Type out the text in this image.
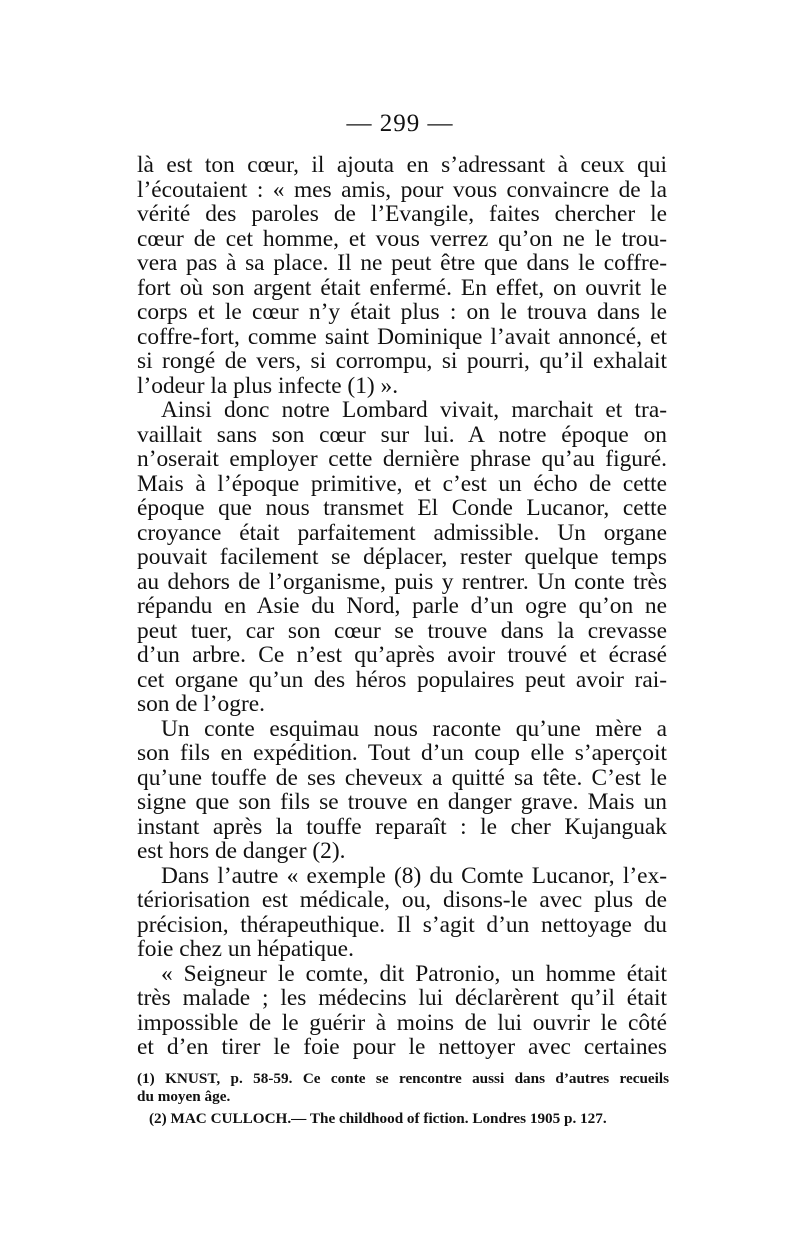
— 299 —
là est ton cœur, il ajouta en s’adressant à ceux qui
l’écoutaient : « mes amis, pour vous convaincre de la
vérité des paroles de l’Evangile, faites chercher le
cœur de cet homme, et vous verrez qu’on ne le trou-
vera pas à sa place. Il ne peut être que dans le coffre-
fort où son argent était enfermé. En effet, on ouvrit le
corps et le cœur n’y était plus : on le trouva dans le
coffre-fort, comme saint Dominique l’avait annoncé, et
si rongé de vers, si corrompu, si pourri, qu’il exhalait
l’odeur la plus infecte (1) ».
Ainsi donc notre Lombard vivait, marchait et tra-
vaillait sans son cœur sur lui. A notre époque on
n’oserait employer cette dernière phrase qu’au figuré.
Mais à l’époque primitive, et c’est un écho de cette
époque que nous transmet El Conde Lucanor, cette
croyance était parfaitement admissible. Un organe
pouvait facilement se déplacer, rester quelque temps
au dehors de l’organisme, puis y rentrer. Un conte très
répandu en Asie du Nord, parle d’un ogre qu’on ne
peut tuer, car son cœur se trouve dans la crevasse
d’un arbre. Ce n’est qu’après avoir trouvé et écrasé
cet organe qu’un des héros populaires peut avoir rai-
son de l’ogre.
Un conte esquimau nous raconte qu’une mère a
son fils en expédition. Tout d’un coup elle s’aperçoit
qu’une touffe de ses cheveux a quitté sa tête. C’est le
signe que son fils se trouve en danger grave. Mais un
instant après la touffe reparaît : le cher Kujanguak
est hors de danger (2).
Dans l’autre « exemple (8) du Comte Lucanor, l’ex-
tériorisation est médicale, ou, disons-le avec plus de
précision, thérapeuthique. Il s’agit d’un nettoyage du
foie chez un hépatique.
« Seigneur le comte, dit Patronio, un homme était
très malade ; les médecins lui déclarèrent qu’il était
impossible de le guérir à moins de lui ouvrir le côté
et d’en tirer le foie pour le nettoyer avec certaines
(1) KNUST, p. 58-59. Ce conte se rencontre aussi dans d’autres recueils
du moyen âge.
(2) MAC CULLOCH.— The childhood of fiction. Londres 1905 p. 127.
